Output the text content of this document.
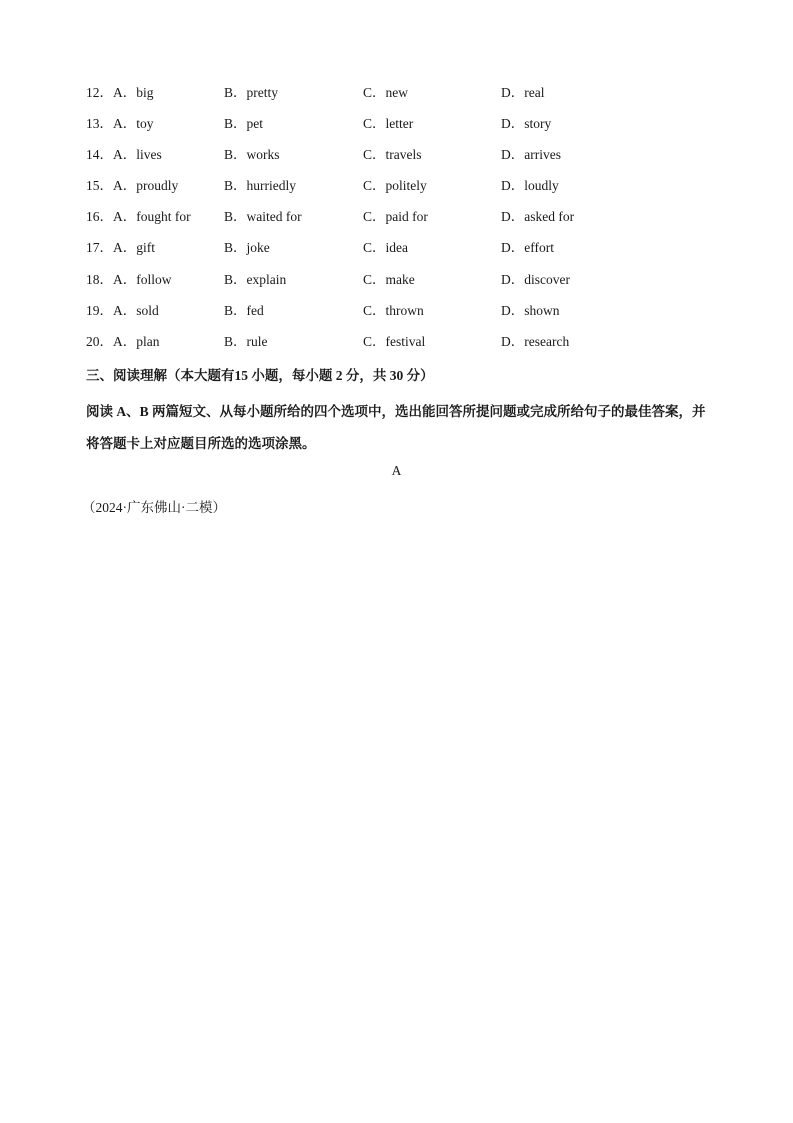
12．A．big	B．pretty	C．new	D．real
13．A．toy	B．pet	C．letter	D．story
14．A．lives	B．works	C．travels	D．arrives
15．A．proudly	B．hurriedly	C．politely	D．loudly
16．A．fought for B．waited for	C．paid for	D．asked for
17．A．gift	B．joke	C．idea	D．effort
18．A．follow	B．explain	C．make	D．discover
19．A．sold	B．fed	C．thrown	D．shown
20．A．plan	B．rule	C．festival	D．research
三、阅读理解（本大题有15 小题，每小题 2 分，共 30 分）
阅读 A、B 两篇短文、从每小题所给的四个选项中，选出能回答所提问题或完成所给句子的最佳答案，并将答题卡上对应题目所选的选项涂黑。
A
（2024·广东佛山·二模）
